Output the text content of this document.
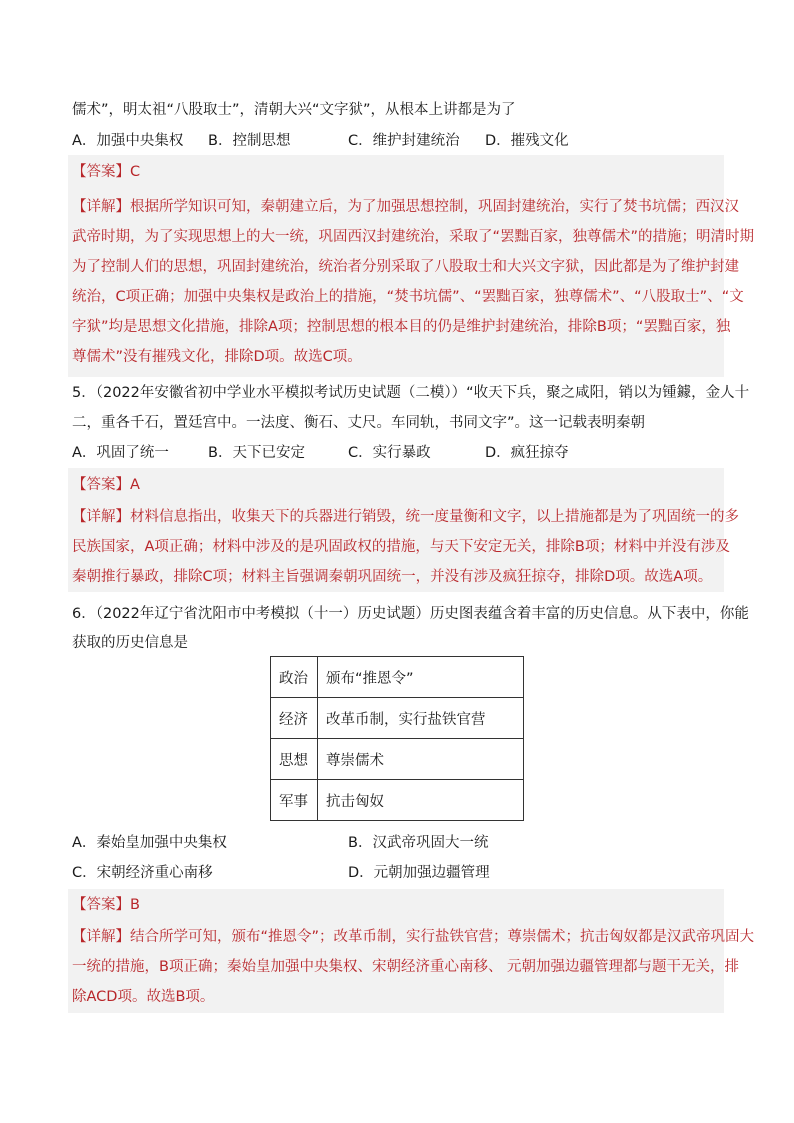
儒术”，明太祖“八股取士”，清朝大兴“文字狱”，从根本上讲都是为了
A．加强中央集权 B．控制思想	C．维护封建统治 D．摧残文化
【答案】C
【详解】根据所学知识可知，秦朝建立后，为了加强思想控制，巩固封建统治，实行了焚书坑儒；西汉汉
武帝时期，为了实现思想上的大一统，巩固西汉封建统治，采取了“罢黜百家，独尊儒术”的措施；明清时期
为了控制人们的思想，巩固封建统治，统治者分别采取了八股取士和大兴文字狱，因此都是为了维护封建
统治，C项正确；加强中央集权是政治上的措施，“焚书坑儒”、“罢黜百家，独尊儒术”、“八股取士”、“文
字狱”均是思想文化措施，排除A项；控制思想的根本目的仍是维护封建统治，排除B项；“罢黜百家，独
尊儒术”没有摧残文化，排除D项。故选C项。
5．（2022年安徽省初中学业水平模拟考试历史试题（二模））“收天下兵，聚之咸阳，销以为锺鐻，金人十
二，重各千石，置廷宫中。一法度、衡石、丈尺。车同轨，书同文字”。这一记载表明秦朝
A．巩固了统一	B．天下已安定	C．实行暴政	D．疯狂掠夺
【答案】A
【详解】材料信息指出，收集天下的兵器进行销毁，统一度量衡和文字，以上措施都是为了巩固统一的多
民族国家，A项正确；材料中涉及的是巩固政权的措施，与天下安定无关，排除B项；材料中并没有涉及
秦朝推行暴政，排除C项；材料主旨强调秦朝巩固统一，并没有涉及疯狂掠夺，排除D项。故选A项。
6．（2022年辽宁省沈阳市中考模拟（十一）历史试题）历史图表蕴含着丰富的历史信息。从下表中，你能
获取的历史信息是
政治	颁布“推恩令”
经济	改革币制，实行盐铁官营
思想	尊崇儒术
军事	抗击匈奴
A．秦始皇加强中央集权	B．汉武帝巩固大一统
C．宋朝经济重心南移	D．元朝加强边疆管理
【答案】B
【详解】结合所学可知，颁布“推恩令”；改革币制，实行盐铁官营；尊崇儒术；抗击匈奴都是汉武帝巩固大
一统的措施，B项正确；秦始皇加强中央集权、宋朝经济重心南移、 元朝加强边疆管理都与题干无关，排
除ACD项。故选B项。
